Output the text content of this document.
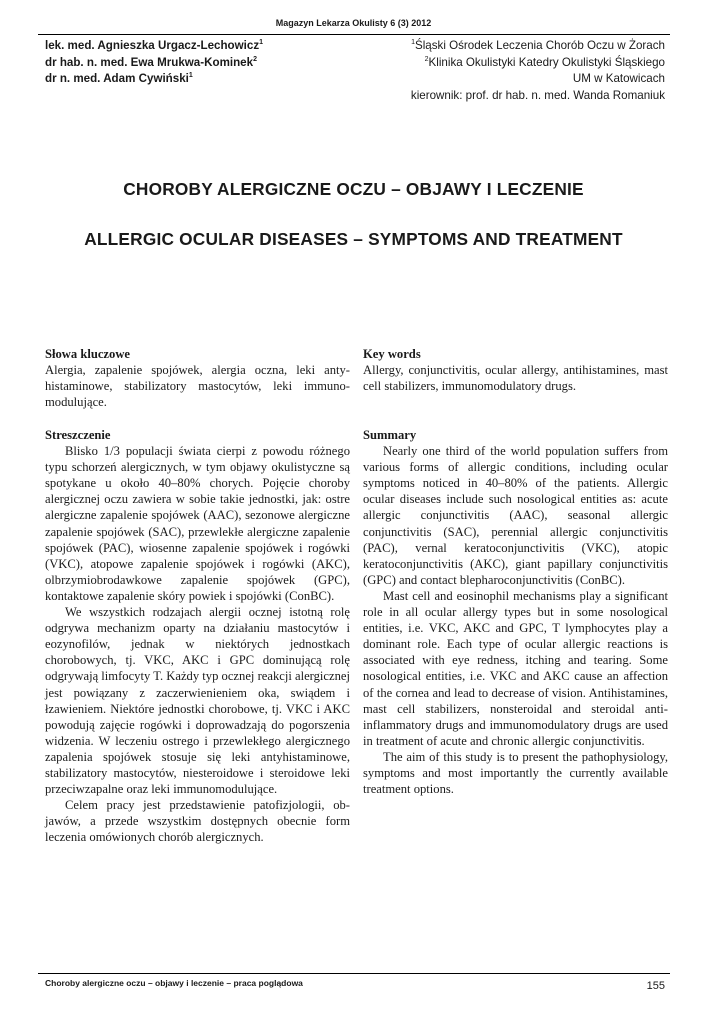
Magazyn Lekarza Okulisty 6 (3) 2012
lek. med. Agnieszka Urgacz-Lechowicz$^1$
dr hab. n. med. Ewa Mrukwa-Kominek$^2$
dr n. med. Adam Cywiński$^1$
$^1$Śląski Ośrodek Leczenia Chorób Oczu w Żorach
$^2$Klinika Okulistyki Katedry Okulistyki Śląskiego
UM w Katowicach
kierownik: prof. dr hab. n. med. Wanda Romaniuk
CHOROBY ALERGICZNE OCZU – OBJAWY I LECZENIE
ALLERGIC OCULAR DISEASES – SYMPTOMS AND TREATMENT
Słowa kluczowe
Alergia, zapalenie spojówek, alergia oczna, leki antyhistaminowe, stabilizatory mastocytów, leki immunomodulujące.
Key words
Allergy, conjunctivitis, ocular allergy, antihistamines, mast cell stabilizers, immunomodulatory drugs.
Streszczenie

Blisko 1/3 populacji świata cierpi z powodu różnego typu schorzeń alergicznych, w tym objawy okulistyczne są spotykane u około 40–80% chorych. Pojęcie choroby alergicznej oczu zawiera w sobie takie jednostki, jak: ostre alergiczne zapalenie spojówek (AAC), sezonowe alergiczne zapalenie spojówek (SAC), przewlekłe alergiczne zapalenie spojówek (PAC), wiosenne zapalenie spojówek i rogówki (VKC), atopowe zapalenie spojówek i rogówki (AKC), olbrzymiobrodawkowe zapalenie spojówek (GPC), kontaktowe zapalenie skóry powiek i spojówki (ConBC).

We wszystkich rodzajach alergii ocznej istotną rolę odgrywa mechanizm oparty na działaniu mastocytów i eozynofilów, jednak w niektórych jednostkach chorobowych, tj. VKC, AKC i GPC dominującą rolę odgrywają limfocyty T. Każdy typ ocznej reakcji alergicznej jest powiązany z zaczerwienieniem oka, swiądem i łzawieniem. Niektóre jednostki chorobowe, tj. VKC i AKC powodują zajęcie rogówki i doprowadzają do pogorszenia widzenia. W leczeniu ostrego i przewlekłego alergicznego zapalenia spojówek stosuje się leki antyhistaminowe, stabilizatory mastocytów, niesteroidowe i steroidowe leki przeciwzapalne oraz leki immunomodulujące.

Celem pracy jest przedstawienie patofizjologii, objawów, a przede wszystkim dostępnych obecnie form leczenia omówionych chorób alergicznych.

Summary

Nearly one third of the world population suffers from various forms of allergic conditions, including ocular symptoms noticed in 40–80% of the patients. Allergic ocular diseases include such nosological entities as: acute allergic conjunctivitis (AAC), seasonal allergic conjunctivitis (SAC), perennial allergic conjunctivitis (PAC), vernal keratoconjunctivitis (VKC), atopic keratoconjunctivitis (AKC), giant papillary conjunctivitis (GPC) and contact blepharoconjunctivitis (ConBC).

Mast cell and eosinophil mechanisms play a significant role in all ocular allergy types but in some nosological entities, i.e. VKC, AKC and GPC, T lymphocytes play a dominant role. Each type of ocular allergic reactions is associated with eye redness, itching and tearing. Some nosological entities, i.e. VKC and AKC cause an affection of the cornea and lead to decrease of vision. Antihistamines, mast cell stabilizers, nonsteroidal and steroidal anti-inflammatory drugs and immunomodulatory drugs are used in treatment of acute and chronic allergic conjunctivitis.

The aim of this study is to present the pathophysiology, symptoms and most importantly the currently available treatment options.

Choroby alergiczne oczu – objawy i leczenie – praca poglądowa	155
